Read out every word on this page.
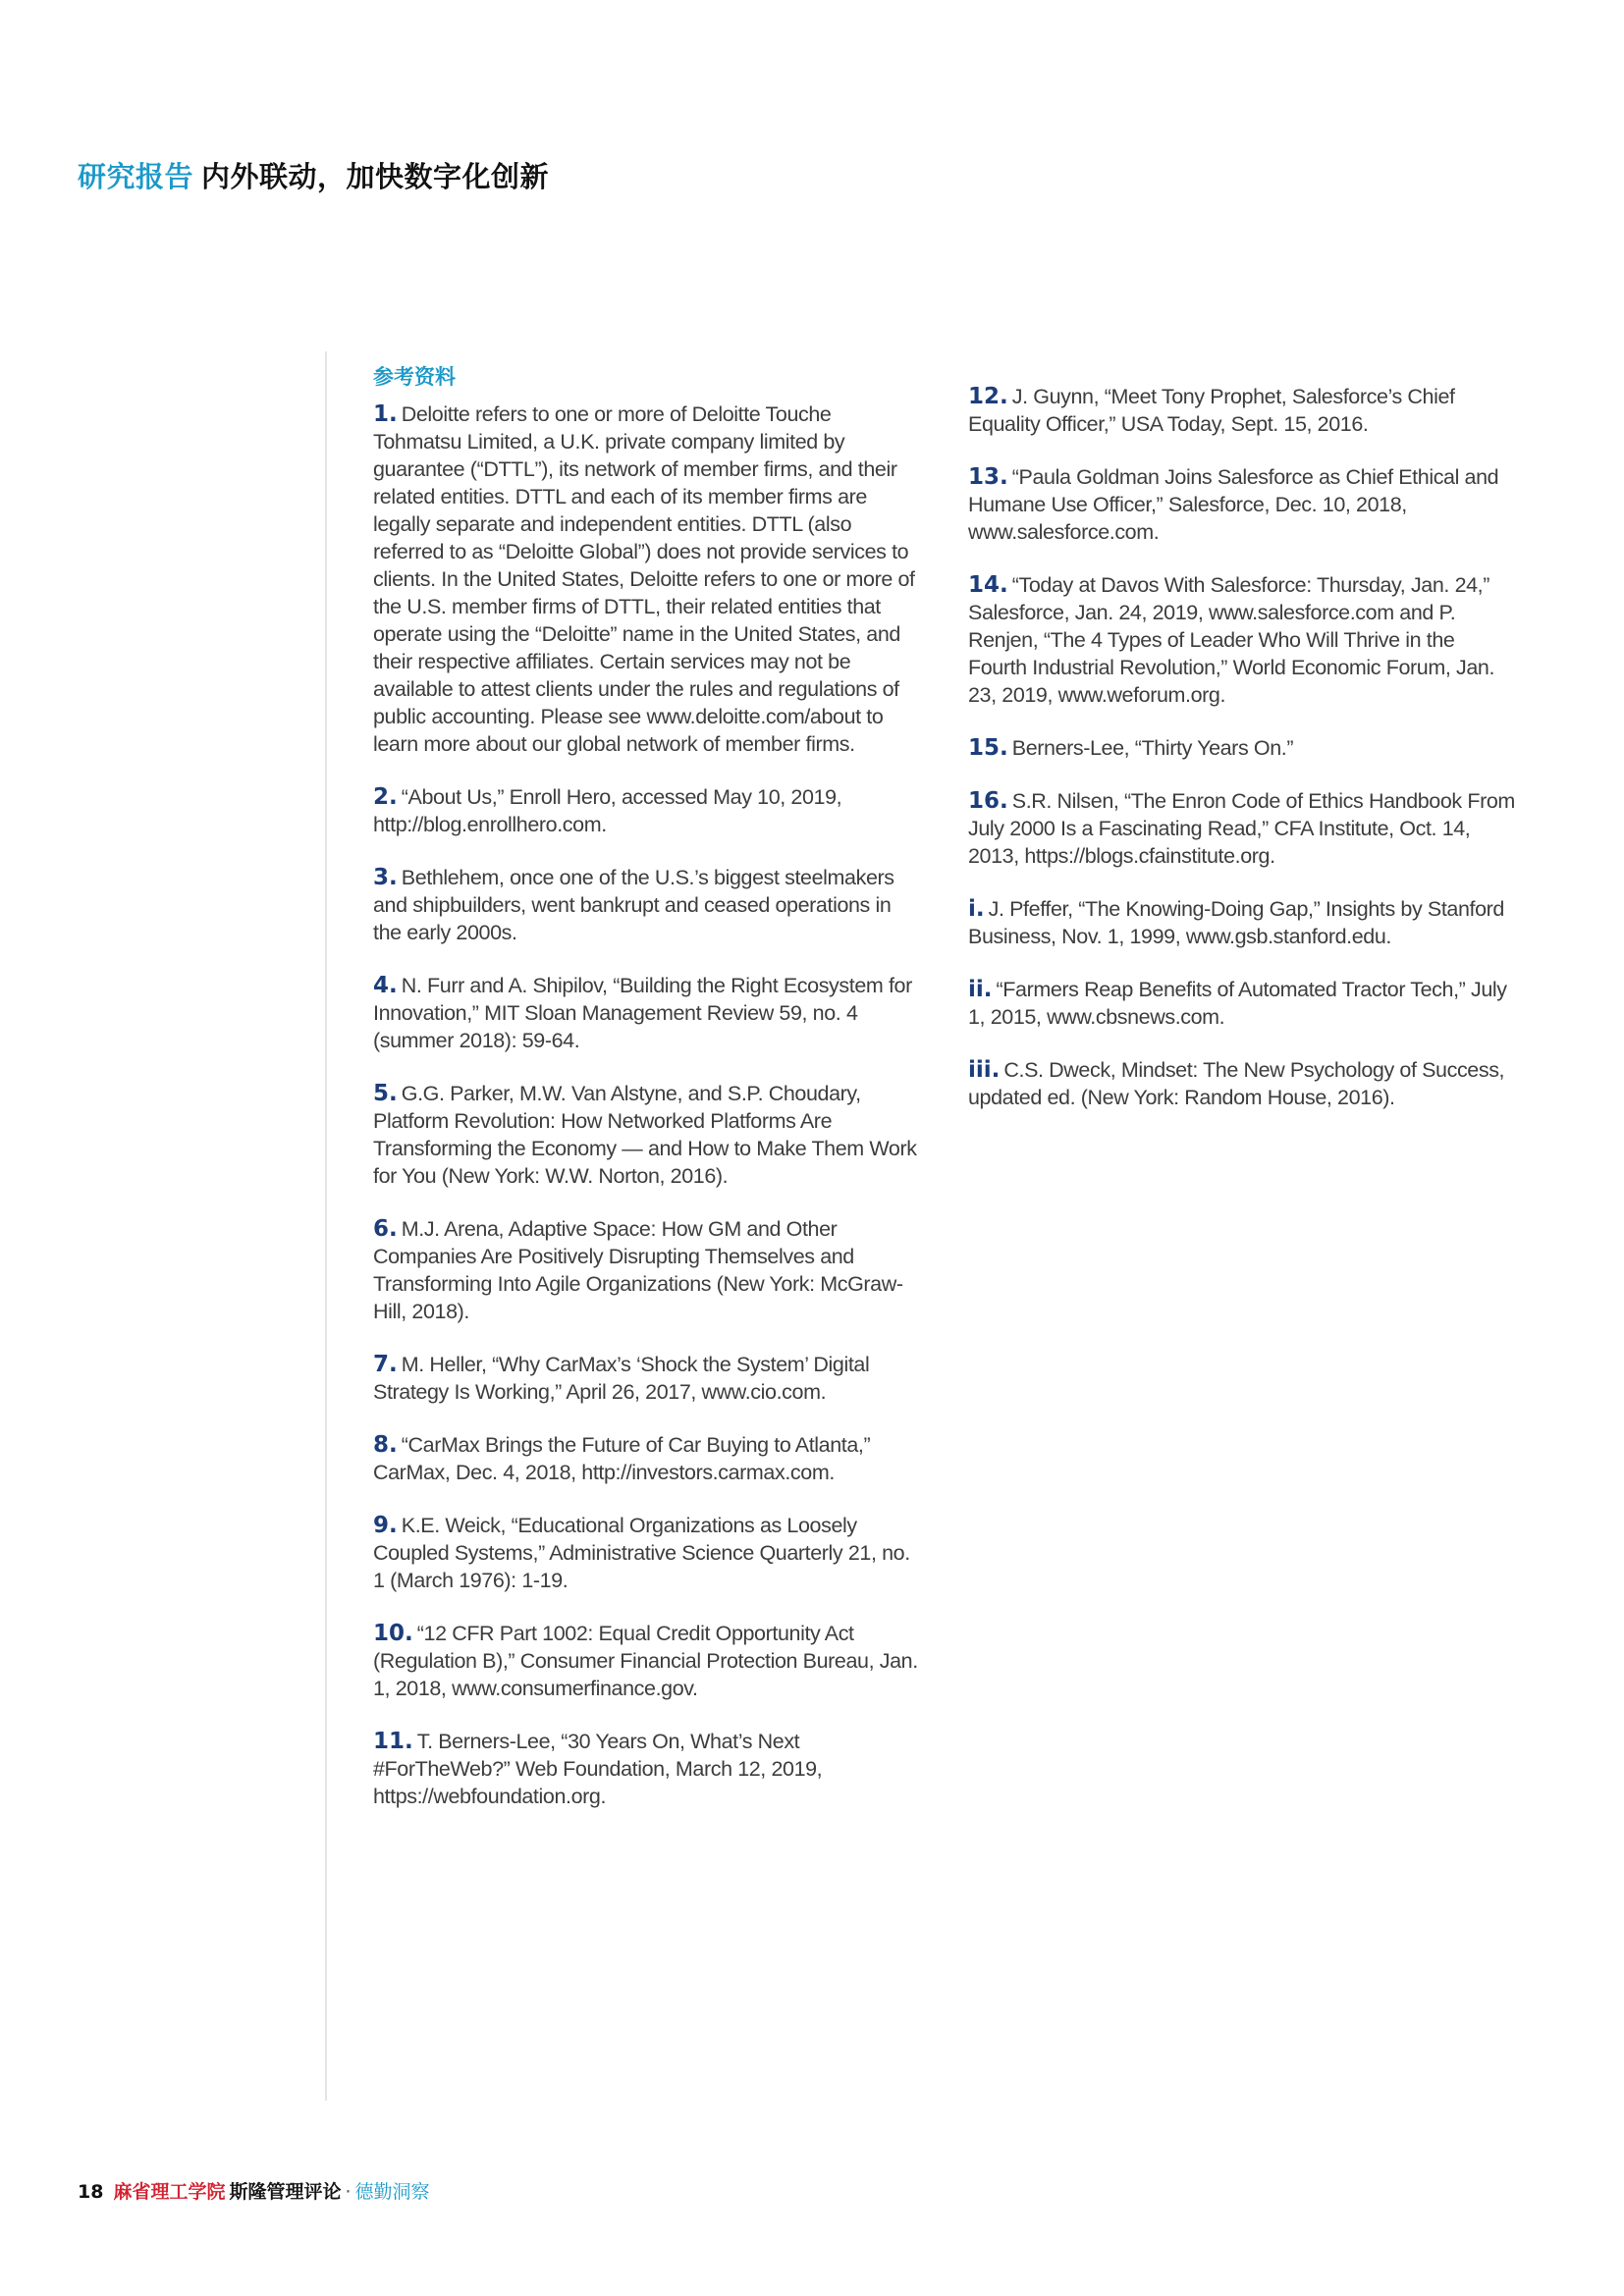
研究报告 内外联动，加快数字化创新
参考资料

1. Deloitte refers to one or more of Deloitte Touche Tohmatsu Limited, a U.K. private company limited by guarantee (“DTTL”), its network of member firms, and their related entities. DTTL and each of its member firms are legally separate and independent entities. DTTL (also referred to as “Deloitte Global”) does not provide services to clients. In the United States, Deloitte refers to one or more of the U.S. member firms of DTTL, their related entities that operate using the “Deloitte” name in the United States, and their respective affiliates. Certain services may not be available to attest clients under the rules and regulations of public accounting. Please see www.deloitte.com/about to learn more about our global network of member firms.

2. “About Us,” Enroll Hero, accessed May 10, 2019, http://blog.enrollhero.com.

3. Bethlehem, once one of the U.S.’s biggest steelmakers and shipbuilders, went bankrupt and ceased operations in the early 2000s.

4. N. Furr and A. Shipilov, “Building the Right Ecosystem for Innovation,” MIT Sloan Management Review 59, no. 4 (summer 2018): 59-64.

5. G.G. Parker, M.W. Van Alstyne, and S.P. Choudary, Platform Revolution: How Networked Platforms Are Transforming the Economy — and How to Make Them Work for You (New York: W.W. Norton, 2016).

6. M.J. Arena, Adaptive Space: How GM and Other Companies Are Positively Disrupting Themselves and Transforming Into Agile Organizations (New York: McGraw-Hill, 2018).

7. M. Heller, “Why CarMax’s ‘Shock the System’ Digital Strategy Is Working,” April 26, 2017, www.cio.com.

8. “CarMax Brings the Future of Car Buying to Atlanta,” CarMax, Dec. 4, 2018, http://investors.carmax.com.

9. K.E. Weick, “Educational Organizations as Loosely Coupled Systems,” Administrative Science Quarterly 21, no. 1 (March 1976): 1-19.

10. “12 CFR Part 1002: Equal Credit Opportunity Act (Regulation B),” Consumer Financial Protection Bureau, Jan. 1, 2018, www.consumerfinance.gov.

11. T. Berners-Lee, “30 Years On, What’s Next #ForTheWeb?” Web Foundation, March 12, 2019, https://webfoundation.org.

12. J. Guynn, “Meet Tony Prophet, Salesforce’s Chief Equality Officer,” USA Today, Sept. 15, 2016.

13. “Paula Goldman Joins Salesforce as Chief Ethical and Humane Use Officer,” Salesforce, Dec. 10, 2018, www.salesforce.com.

14. “Today at Davos With Salesforce: Thursday, Jan. 24,” Salesforce, Jan. 24, 2019, www.salesforce.com and P. Renjen, “The 4 Types of Leader Who Will Thrive in the Fourth Industrial Revolution,” World Economic Forum, Jan. 23, 2019, www.weforum.org.

15. Berners-Lee, “Thirty Years On.”

16. S.R. Nilsen, “The Enron Code of Ethics Handbook From July 2000 Is a Fascinating Read,” CFA Institute, Oct. 14, 2013, https://blogs.cfainstitute.org.

i. J. Pfeffer, “The Knowing-Doing Gap,” Insights by Stanford Business, Nov. 1, 1999, www.gsb.stanford.edu.

ii. “Farmers Reap Benefits of Automated Tractor Tech,” July 1, 2015, www.cbsnews.com.

iii. C.S. Dweck, Mindset: The New Psychology of Success, updated ed. (New York: Random House, 2016).

18 麻省理工学院 斯隆管理评论 · 德勤洞察
